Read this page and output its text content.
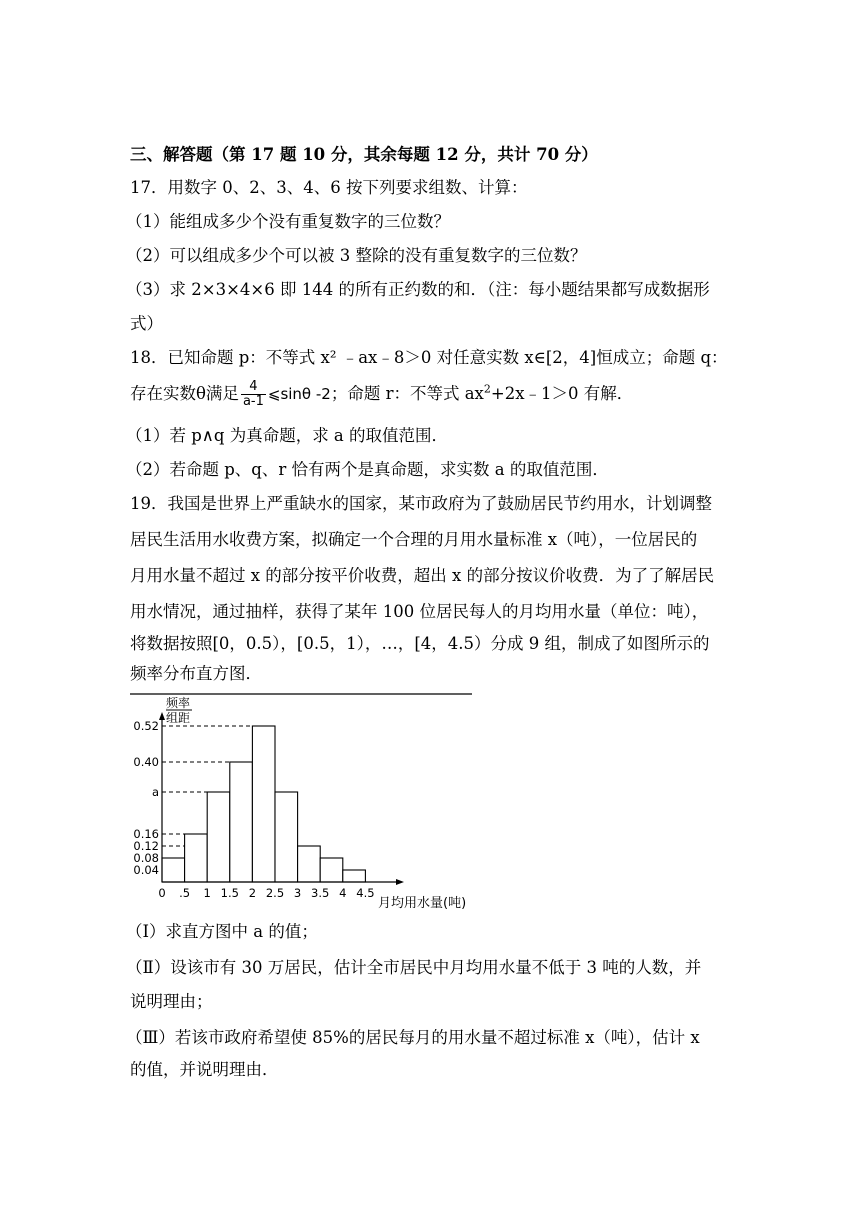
三、解答题（第 17 题 10 分，其余每题 12 分，共计 70 分）
17．用数字 0、2、3、4、6 按下列要求组数、计算：
（1）能组成多少个没有重复数字的三位数？
（2）可以组成多少个可以被 3 整除的没有重复数字的三位数？
（3）求 2×3×4×6 即 144 的所有正约数的和．（注：每小题结果都写成数据形
式）
18．已知命题 p：不等式 x² ﹣ax﹣8＞0 对任意实数 x∈[2，4]恒成立；命题 q：
存在实数θ满足 $\frac{4}{a-1}$ ⩽sinθ -2；命题 r：不等式 $ax^2+2x﹣1>0$ 有解．
（1）若 p∧q 为真命题，求 a 的取值范围．
（2）若命题 p、q、r 恰有两个是真命题，求实数 a 的取值范围．
19．我国是世界上严重缺水的国家，某市政府为了鼓励居民节约用水，计划调整
居民生活用水收费方案，拟确定一个合理的月用水量标准 x（吨），一位居民的
月用水量不超过 x 的部分按平价收费，超出 x 的部分按议价收费．为了了解居民
用水情况，通过抽样，获得了某年 100 位居民每人的月均用水量（单位：吨），
将数据按照[0，0.5），[0.5，1），…，[4，4.5）分成 9 组，制成了如图所示的
频率分布直方图．
频率
组距
0.52
0.40
a
0.16
0.12
0.08
0.04
0 .5 1 1.5 2 2.5 3 3.5 4 4.5
月均用水量(吨)
（Ⅰ）求直方图中 a 的值；
（Ⅱ）设该市有 30 万居民，估计全市居民中月均用水量不低于 3 吨的人数，并
说明理由；
（Ⅲ）若该市政府希望使 85%的居民每月的用水量不超过标准 x（吨），估计 x
的值，并说明理由．
